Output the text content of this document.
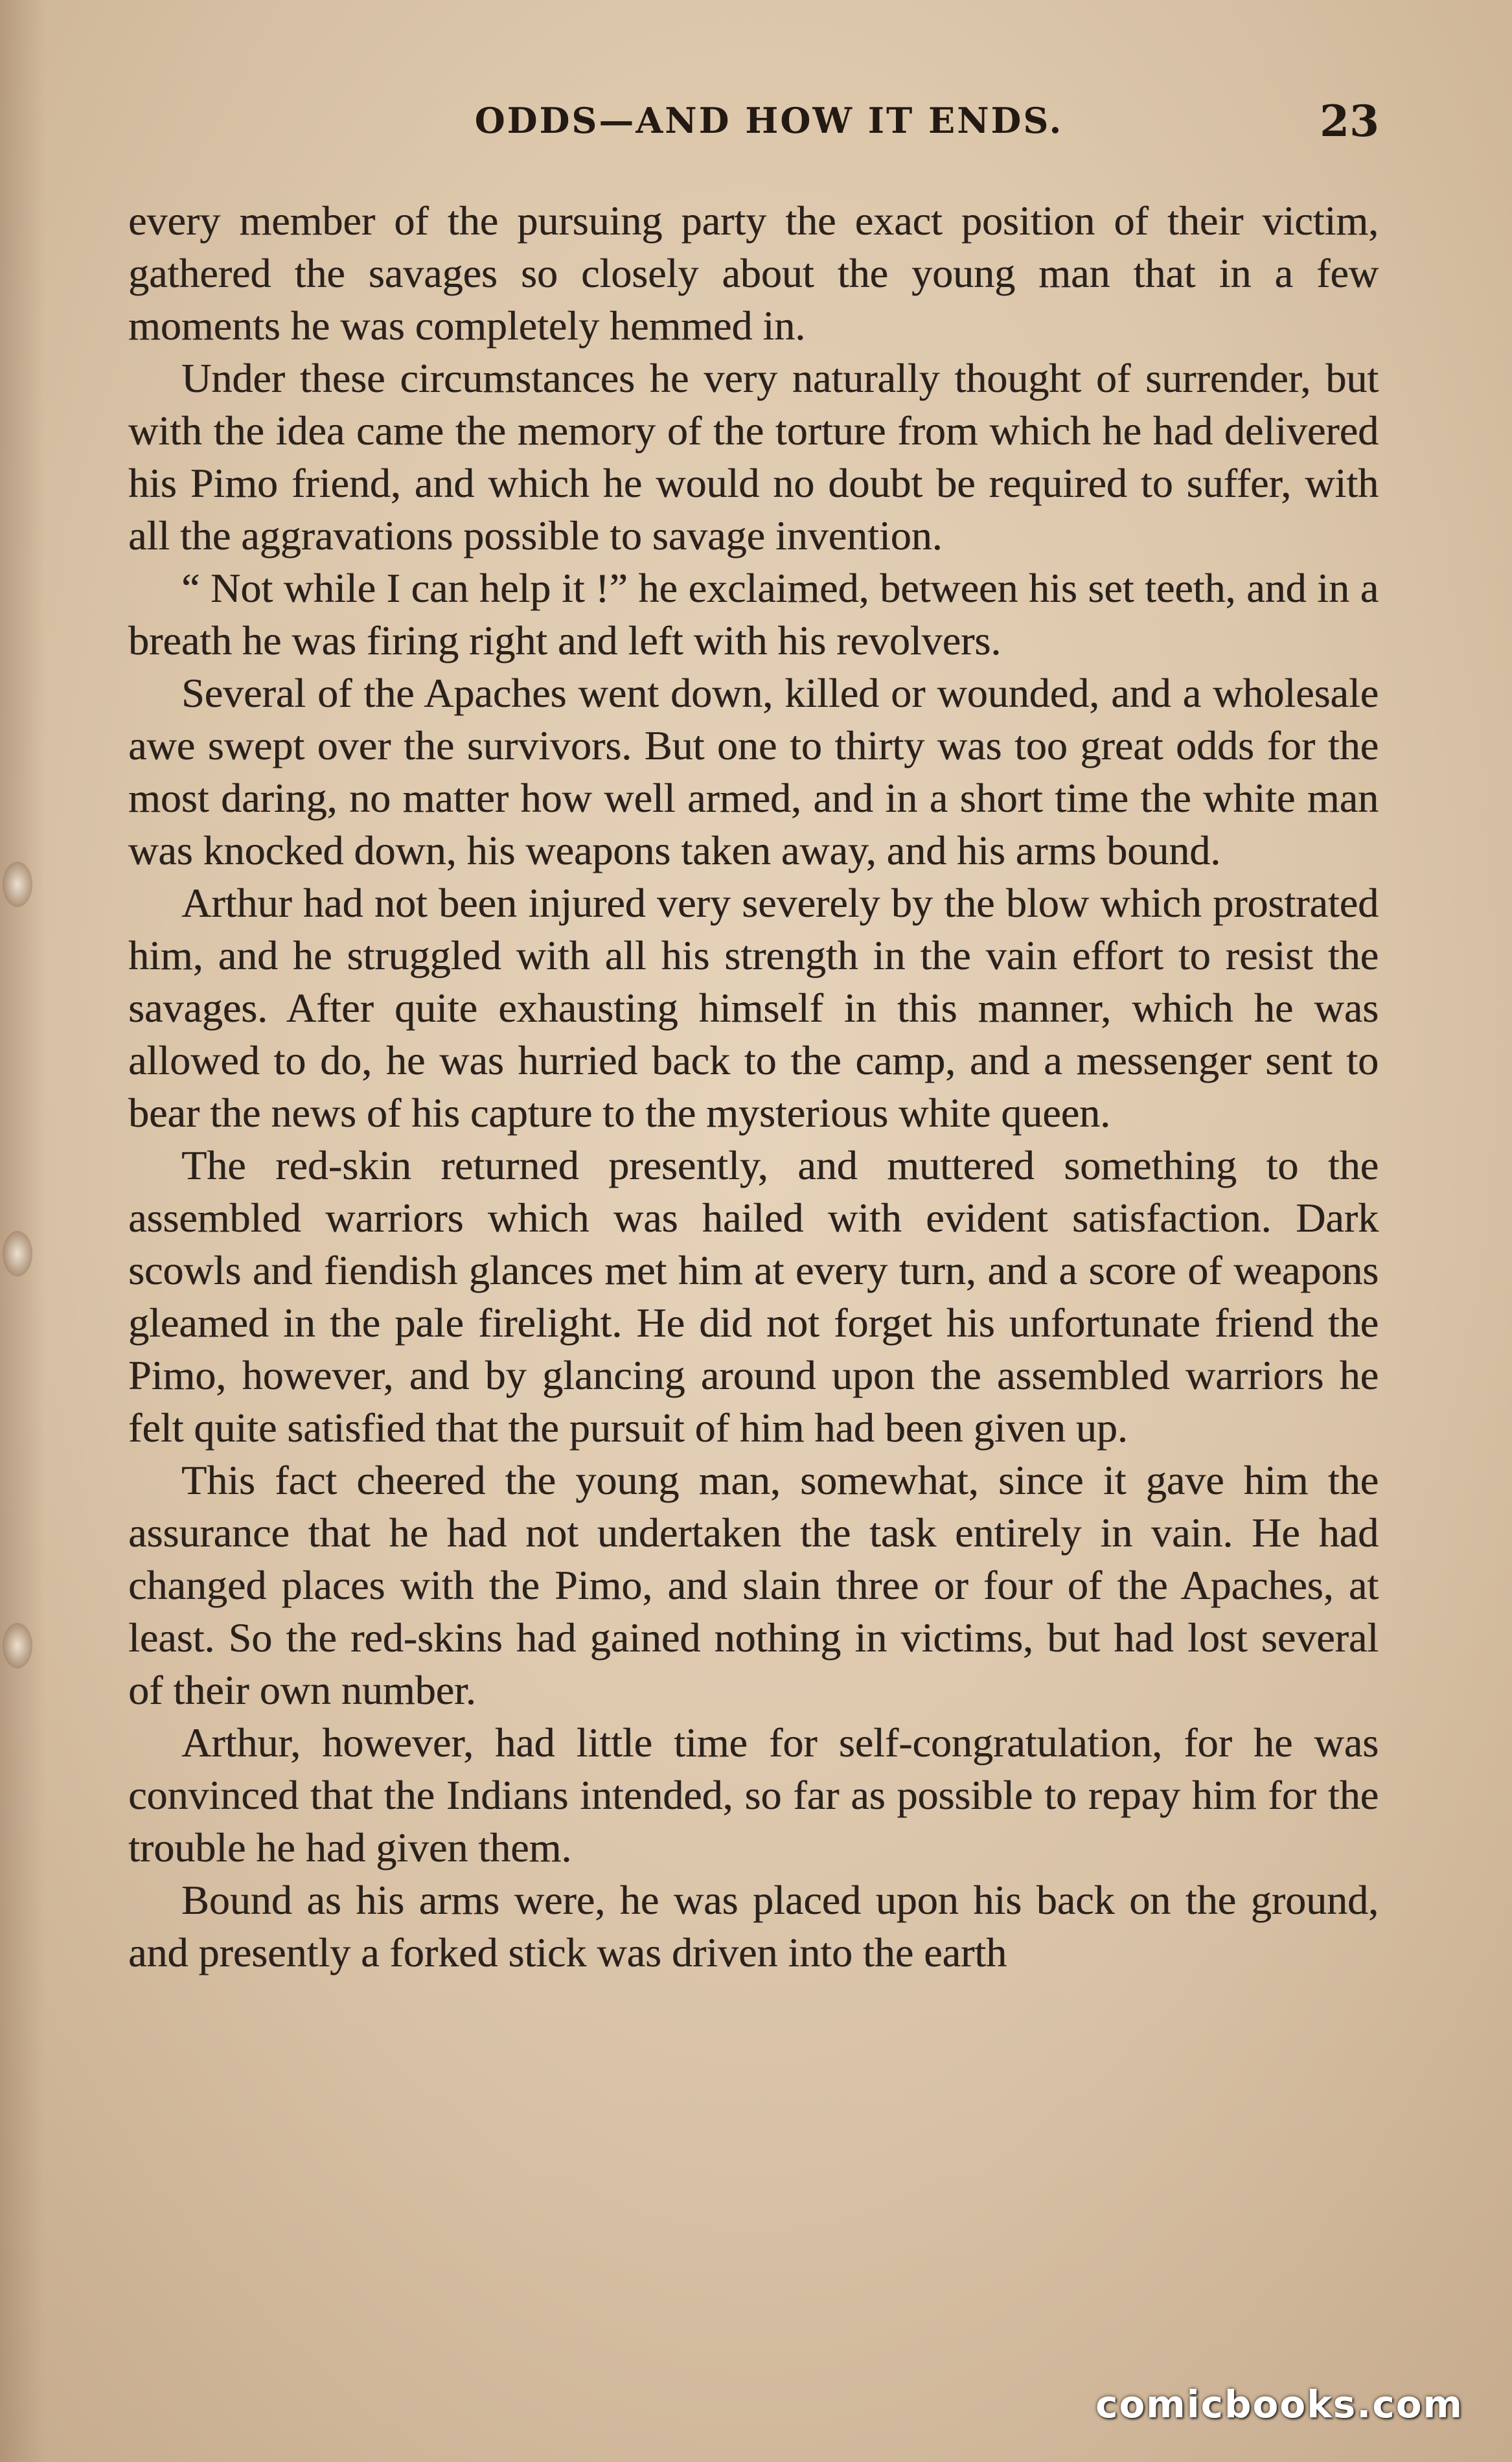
ODDS—AND HOW IT ENDS.	23

every member of the pursuing party the exact position of their victim, gathered the savages so closely about the young man that in a few moments he was completely hemmed in.

Under these circumstances he very naturally thought of surrender, but with the idea came the memory of the torture from which he had delivered his Pimo friend, and which he would no doubt be required to suffer, with all the aggravations possible to savage invention.

“ Not while I can help it !” he exclaimed, between his set teeth, and in a breath he was firing right and left with his revolvers.

Several of the Apaches went down, killed or wounded, and a wholesale awe swept over the survivors. But one to thirty was too great odds for the most daring, no matter how well armed, and in a short time the white man was knocked down, his weapons taken away, and his arms bound.

Arthur had not been injured very severely by the blow which prostrated him, and he struggled with all his strength in the vain effort to resist the savages. After quite exhausting himself in this manner, which he was allowed to do, he was hurried back to the camp, and a messenger sent to bear the news of his capture to the mysterious white queen.

The red-skin returned presently, and muttered something to the assembled warriors which was hailed with evident satisfaction. Dark scowls and fiendish glances met him at every turn, and a score of weapons gleamed in the pale firelight. He did not forget his unfortunate friend the Pimo, however, and by glancing around upon the assembled warriors he felt quite satisfied that the pursuit of him had been given up.

This fact cheered the young man, somewhat, since it gave him the assurance that he had not undertaken the task entirely in vain. He had changed places with the Pimo, and slain three or four of the Apaches, at least. So the red-skins had gained nothing in victims, but had lost several of their own number.

Arthur, however, had little time for self-congratulation, for he was convinced that the Indians intended, so far as possible to repay him for the trouble he had given them.

Bound as his arms were, he was placed upon his back on the ground, and presently a forked stick was driven into the earth

comicbooks.com
